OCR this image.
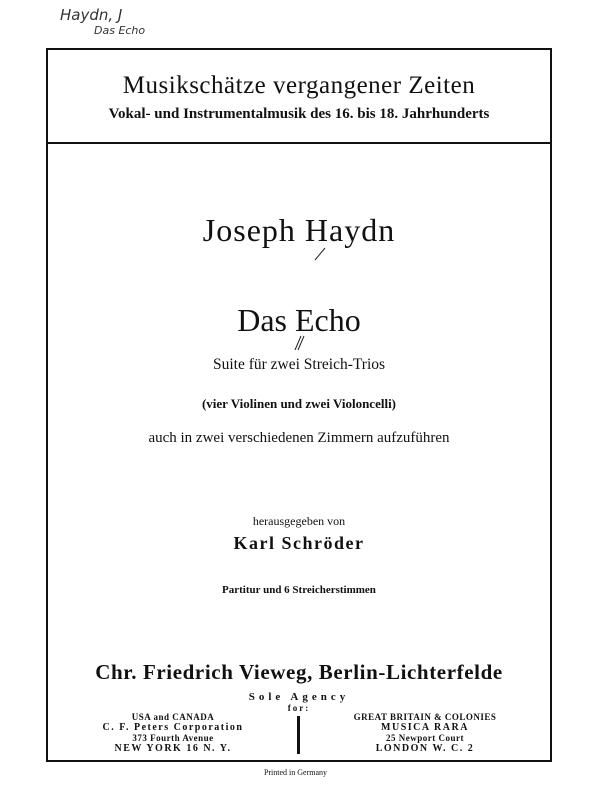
Haydn, J
Das Echo
Musikschätze vergangener Zeiten
Vokal- und Instrumentalmusik des 16. bis 18. Jahrhunderts
Joseph Haydn
Das Echo
Suite für zwei Streich-Trios
(vier Violinen und zwei Violoncelli)
auch in zwei verschiedenen Zimmern aufzuführen
herausgegeben von
Karl Schröder
Partitur und 6 Streicherstimmen
Chr. Friedrich Vieweg, Berlin-Lichterfelde
Sole Agency
for:
USA and CANADA
C. F. Peters Corporation
373 Fourth Avenue
NEW YORK 16 N. Y.
GREAT BRITAIN & COLONIES
MUSICA RARA
25 Newport Court
LONDON W. C. 2
Printed in Germany
